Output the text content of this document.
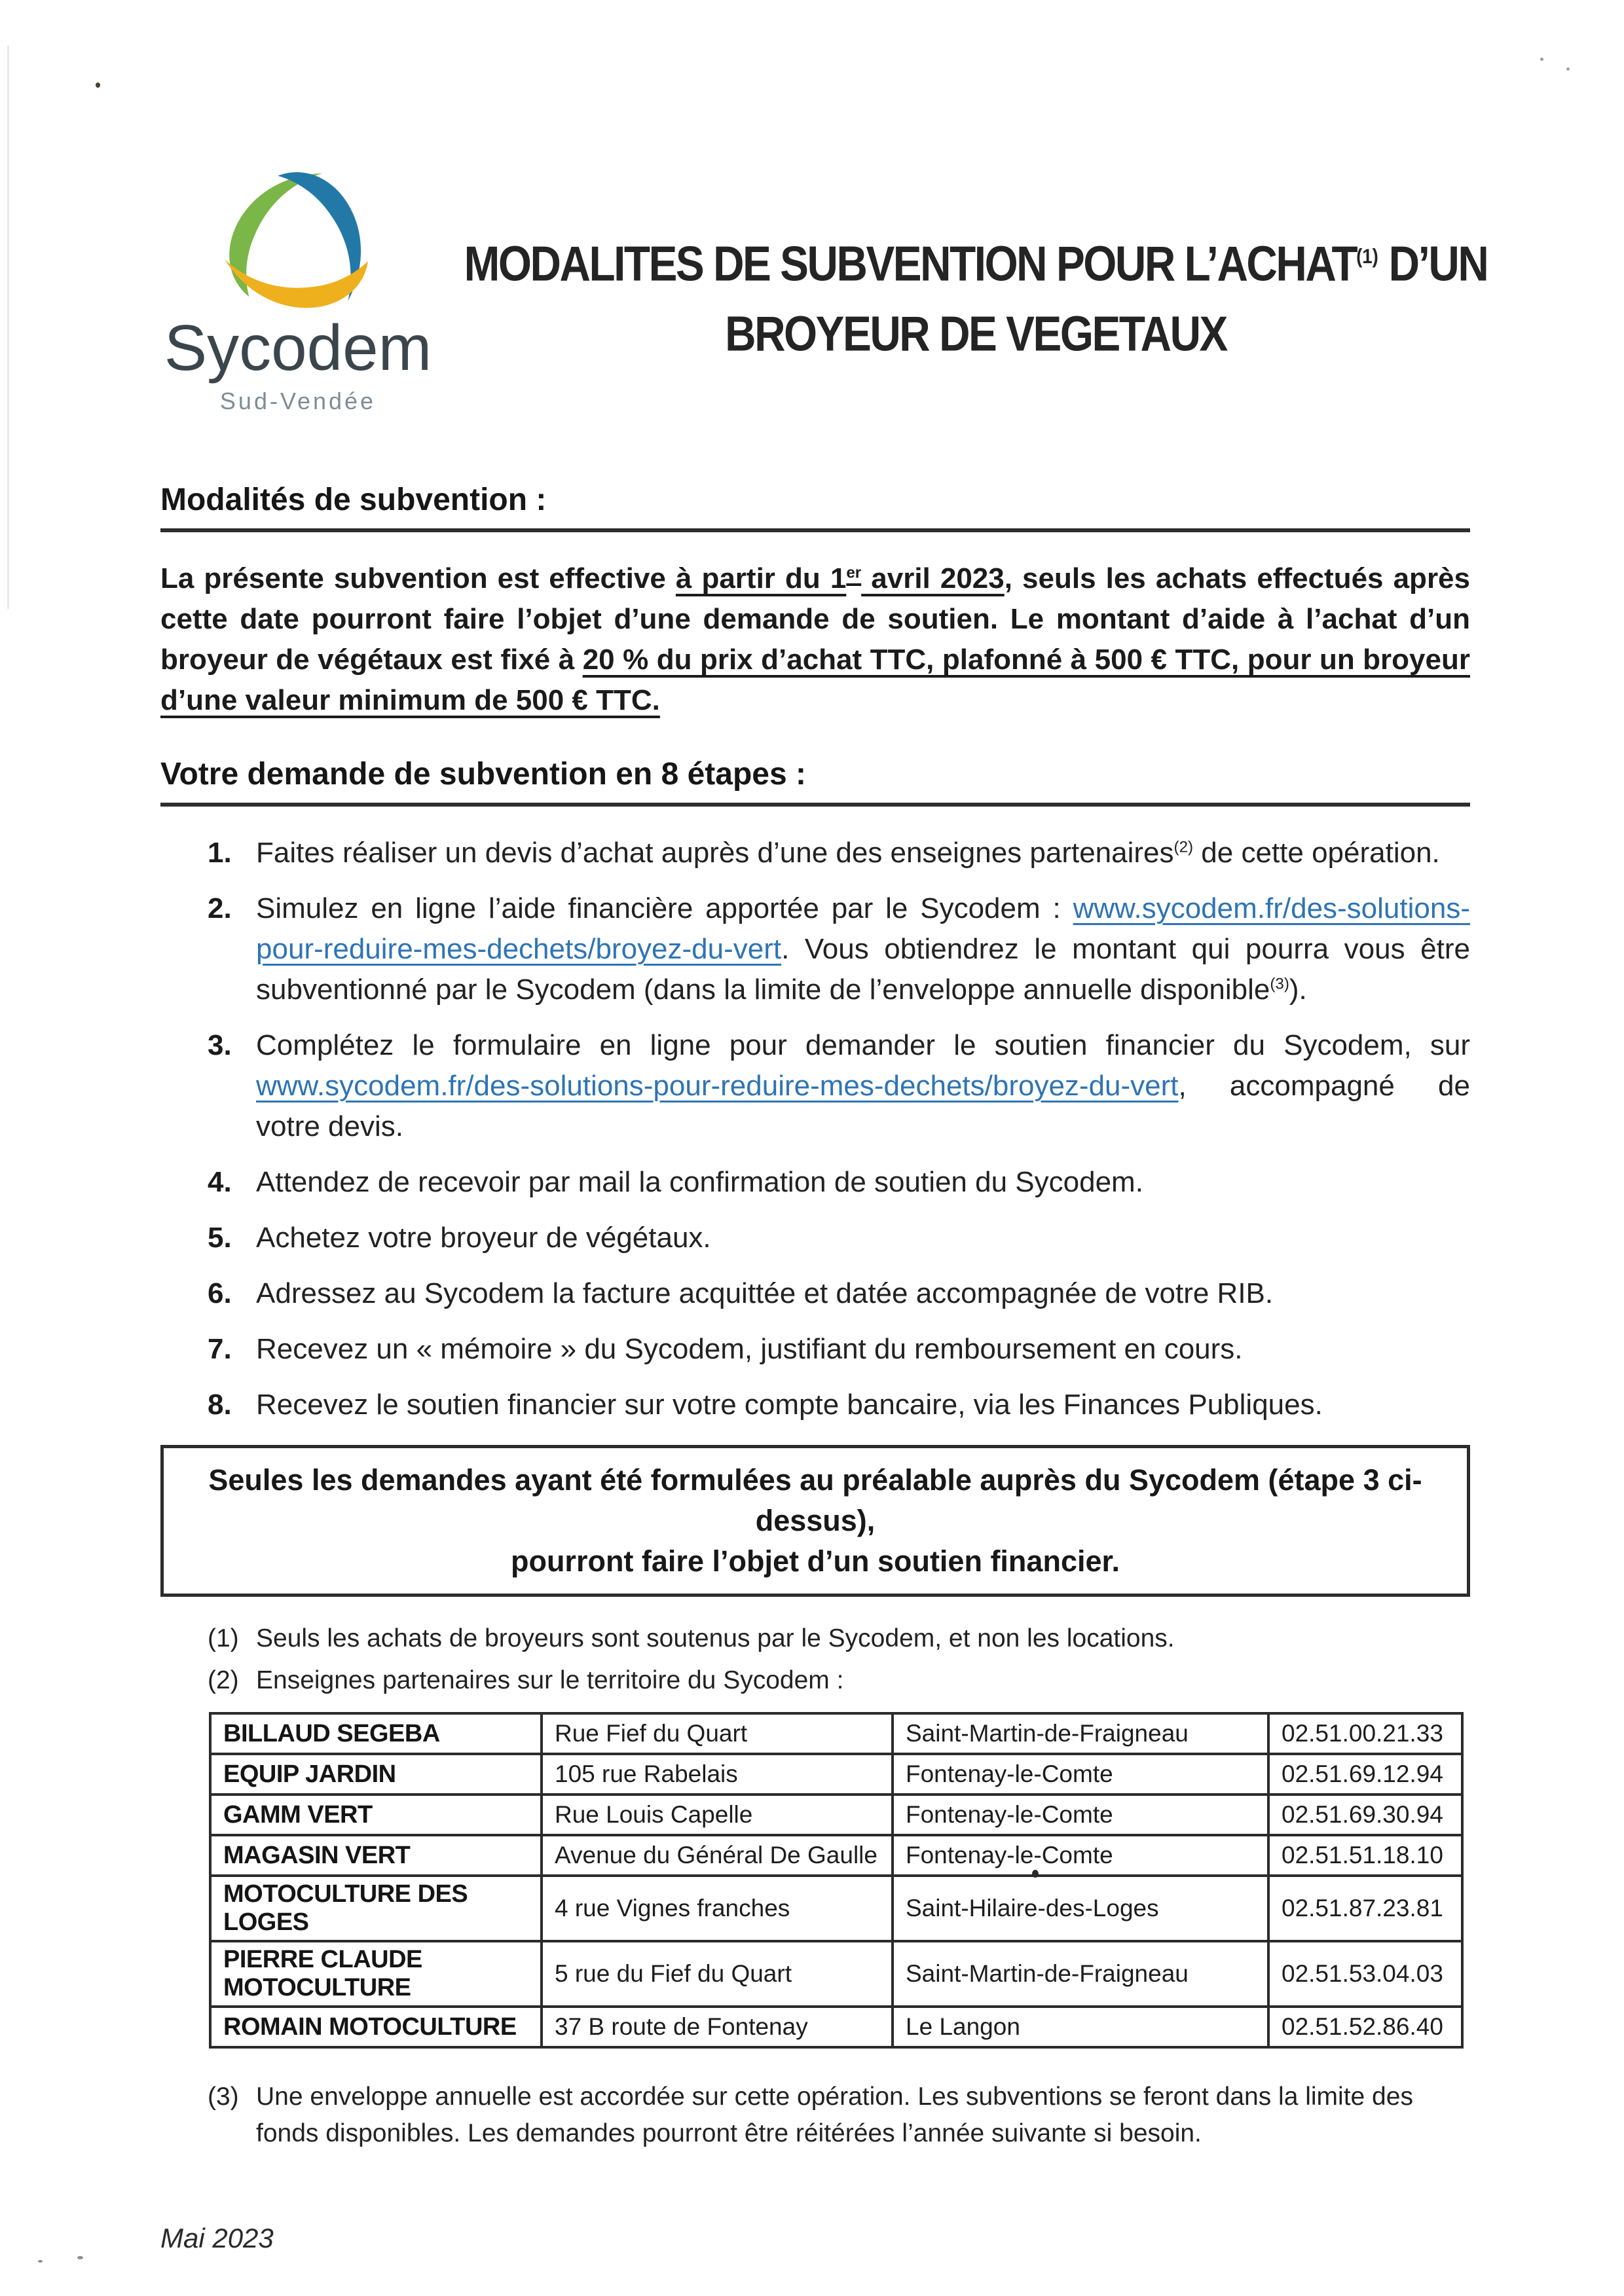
Sycodem
Sud-Vendée
MODALITES DE SUBVENTION POUR L’ACHAT$^{(1)}$ D’UN
BROYEUR DE VEGETAUX
Modalités de subvention :

La présente subvention est effective à partir du 1er avril 2023, seuls les achats effectués après cette date pourront faire l’objet d’une demande de soutien. Le montant d’aide à l’achat d’un broyeur de végétaux est fixé à 20 % du prix d’achat TTC, plafonné à 500 € TTC, pour un broyeur d’une valeur minimum de 500 € TTC.

Votre demande de subvention en 8 étapes :
1. Faites réaliser un devis d’achat auprès d’une des enseignes partenaires$^{(2)}$ de cette opération.
2. Simulez en ligne l’aide financière apportée par le Sycodem : www.sycodem.fr/des-solutions-pour-reduire-mes-dechets/broyez-du-vert. Vous obtiendrez le montant qui pourra vous être subventionné par le Sycodem (dans la limite de l’enveloppe annuelle disponible$^{(3)}$).
3. Complétez le formulaire en ligne pour demander le soutien financier du Sycodem, sur www.sycodem.fr/des-solutions-pour-reduire-mes-dechets/broyez-du-vert, accompagné de votre devis.
4. Attendez de recevoir par mail la confirmation de soutien du Sycodem.
5. Achetez votre broyeur de végétaux.
6. Adressez au Sycodem la facture acquittée et datée accompagnée de votre RIB.
7. Recevez un « mémoire » du Sycodem, justifiant du remboursement en cours.
8. Recevez le soutien financier sur votre compte bancaire, via les Finances Publiques.
Seules les demandes ayant été formulées au préalable auprès du Sycodem (étape 3 ci-dessus),
pourront faire l’objet d’un soutien financier.
(1) Seuls les achats de broyeurs sont soutenus par le Sycodem, et non les locations.
(2) Enseignes partenaires sur le territoire du Sycodem :
BILLAUD SEGEBA	Rue Fief du Quart	Saint-Martin-de-Fraigneau	02.51.00.21.33
EQUIP JARDIN	105 rue Rabelais	Fontenay-le-Comte	02.51.69.12.94
GAMM VERT	Rue Louis Capelle	Fontenay-le-Comte	02.51.69.30.94
MAGASIN VERT	Avenue du Général De Gaulle	Fontenay-le-Comte	02.51.51.18.10
MOTOCULTURE DES LOGES	4 rue Vignes franches	Saint-Hilaire-des-Loges	02.51.87.23.81
PIERRE CLAUDE MOTOCULTURE	5 rue du Fief du Quart	Saint-Martin-de-Fraigneau	02.51.53.04.03
ROMAIN MOTOCULTURE	37 B route de Fontenay	Le Langon	02.51.52.86.40
(3) Une enveloppe annuelle est accordée sur cette opération. Les subventions se feront dans la limite des fonds disponibles. Les demandes pourront être réitérées l’année suivante si besoin.
Mai 2023
